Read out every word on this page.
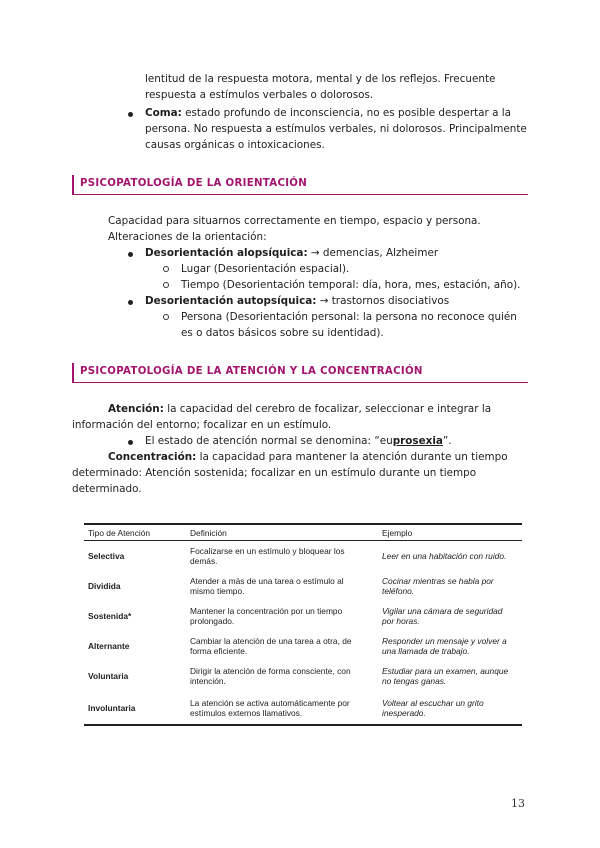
lentitud de la respuesta motora, mental y de los reflejos. Frecuente
respuesta a estímulos verbales o dolorosos.
Coma: estado profundo de inconsciencia, no es posible despertar a la
persona. No respuesta a estímulos verbales, ni dolorosos. Principalmente
causas orgánicas o intoxicaciones.
PSICOPATOLOGÍA DE LA ORIENTACIÓN
Capacidad para situarnos correctamente en tiempo, espacio y persona.
Alteraciones de la orientación:
Desorientación alopsíquica: → demencias, Alzheimer
Lugar (Desorientación espacial).
Tiempo (Desorientación temporal: día, hora, mes, estación, año).
Desorientación autopsíquica: → trastornos disociativos
Persona (Desorientación personal: la persona no reconoce quién
es o datos básicos sobre su identidad).
PSICOPATOLOGÍA DE LA ATENCIÓN Y LA CONCENTRACIÓN
Atención: la capacidad del cerebro de focalizar, seleccionar e integrar la
información del entorno; focalizar en un estímulo.
El estado de atención normal se denomina: “euprosexia”.
Concentración: la capacidad para mantener la atención durante un tiempo
determinado: Atención sostenida; focalizar en un estímulo durante un tiempo
determinado.
Tipo de Atención	Definición	Ejemplo
Selectiva	Focalizarse en un estímulo y bloquear los
demás.	Leer en una habitación con ruido.
Dividida	Atender a más de una tarea o estímulo al
mismo tiempo.	Cocinar mientras se habla por
teléfono.
Sostenida*	Mantener la concentración por un tiempo
prolongado.	Vigilar una cámara de seguridad
por horas.
Alternante	Cambiar la atención de una tarea a otra, de
forma eficiente.	Responder un mensaje y volver a
una llamada de trabajo.
Voluntaria	Dirigir la atención de forma consciente, con
intención.	Estudiar para un examen, aunque
no tengas ganas.
Involuntaria	La atención se activa automáticamente por
estímulos externos llamativos.	Voltear al escuchar un grito
inesperado.
13
